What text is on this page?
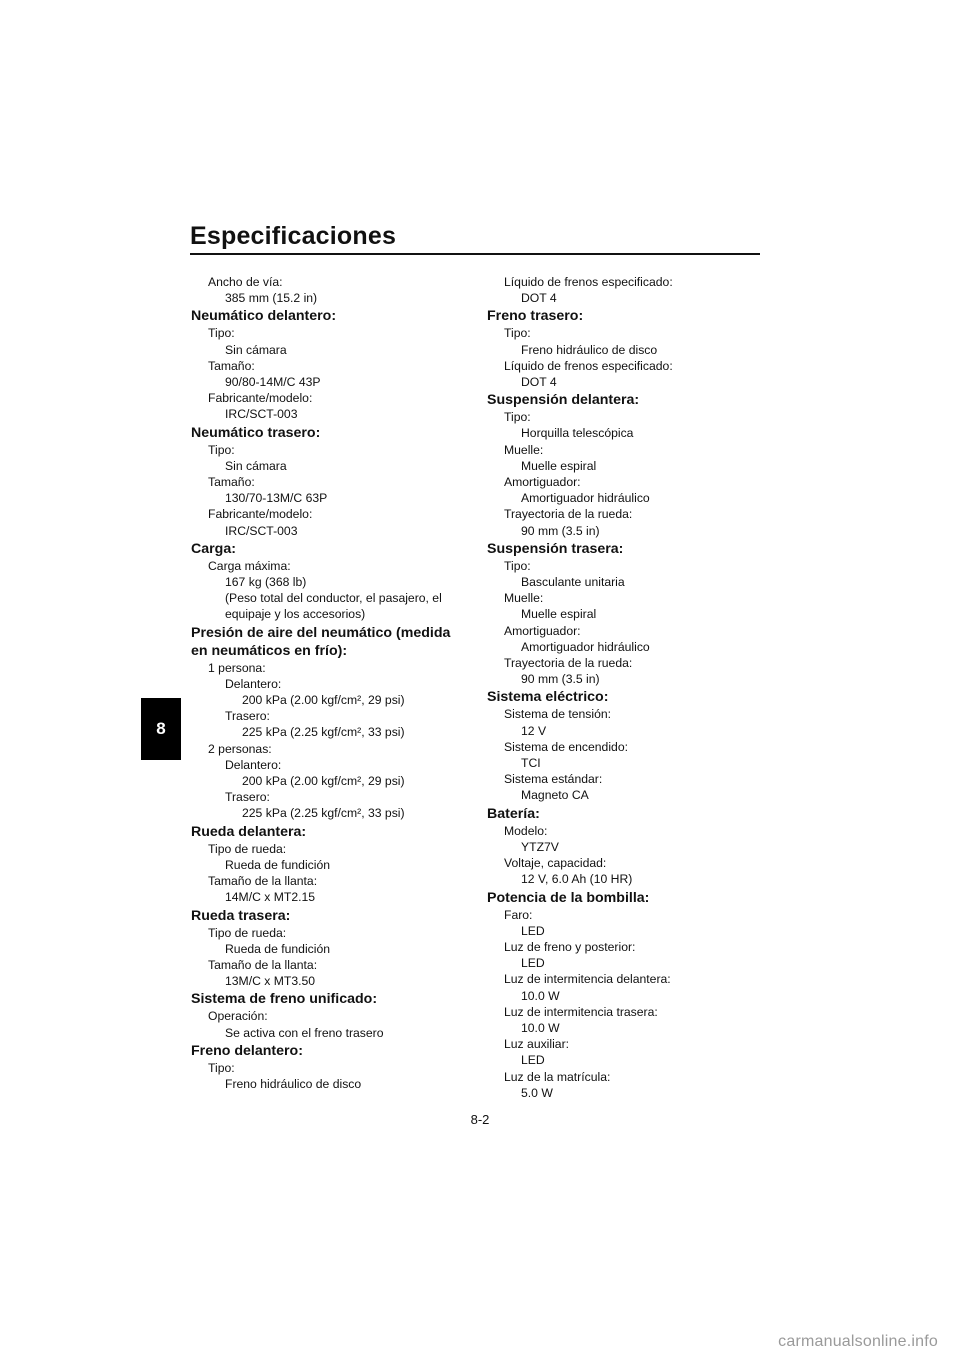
Especificaciones
8
Ancho de vía:
385 mm (15.2 in)
Neumático delantero:
Tipo:
Sin cámara
Tamaño:
90/80-14M/C 43P
Fabricante/modelo:
IRC/SCT-003
Neumático trasero:
Tipo:
Sin cámara
Tamaño:
130/70-13M/C 63P
Fabricante/modelo:
IRC/SCT-003
Carga:
Carga máxima:
167 kg (368 lb)
(Peso total del conductor, el pasajero, el equipaje y los accesorios)
Presión de aire del neumático (medida en neumáticos en frío):
1 persona:
Delantero:
200 kPa (2.00 kgf/cm², 29 psi)
Trasero:
225 kPa (2.25 kgf/cm², 33 psi)
2 personas:
Delantero:
200 kPa (2.00 kgf/cm², 29 psi)
Trasero:
225 kPa (2.25 kgf/cm², 33 psi)
Rueda delantera:
Tipo de rueda:
Rueda de fundición
Tamaño de la llanta:
14M/C x MT2.15
Rueda trasera:
Tipo de rueda:
Rueda de fundición
Tamaño de la llanta:
13M/C x MT3.50
Sistema de freno unificado:
Operación:
Se activa con el freno trasero
Freno delantero:
Tipo:
Freno hidráulico de disco
Líquido de frenos especificado:
DOT 4
Freno trasero:
Tipo:
Freno hidráulico de disco
Líquido de frenos especificado:
DOT 4
Suspensión delantera:
Tipo:
Horquilla telescópica
Muelle:
Muelle espiral
Amortiguador:
Amortiguador hidráulico
Trayectoria de la rueda:
90 mm (3.5 in)
Suspensión trasera:
Tipo:
Basculante unitaria
Muelle:
Muelle espiral
Amortiguador:
Amortiguador hidráulico
Trayectoria de la rueda:
90 mm (3.5 in)
Sistema eléctrico:
Sistema de tensión:
12 V
Sistema de encendido:
TCI
Sistema estándar:
Magneto CA
Batería:
Modelo:
YTZ7V
Voltaje, capacidad:
12 V, 6.0 Ah (10 HR)
Potencia de la bombilla:
Faro:
LED
Luz de freno y posterior:
LED
Luz de intermitencia delantera:
10.0 W
Luz de intermitencia trasera:
10.0 W
Luz auxiliar:
LED
Luz de la matrícula:
5.0 W
8-2
carmanualsonline.info
